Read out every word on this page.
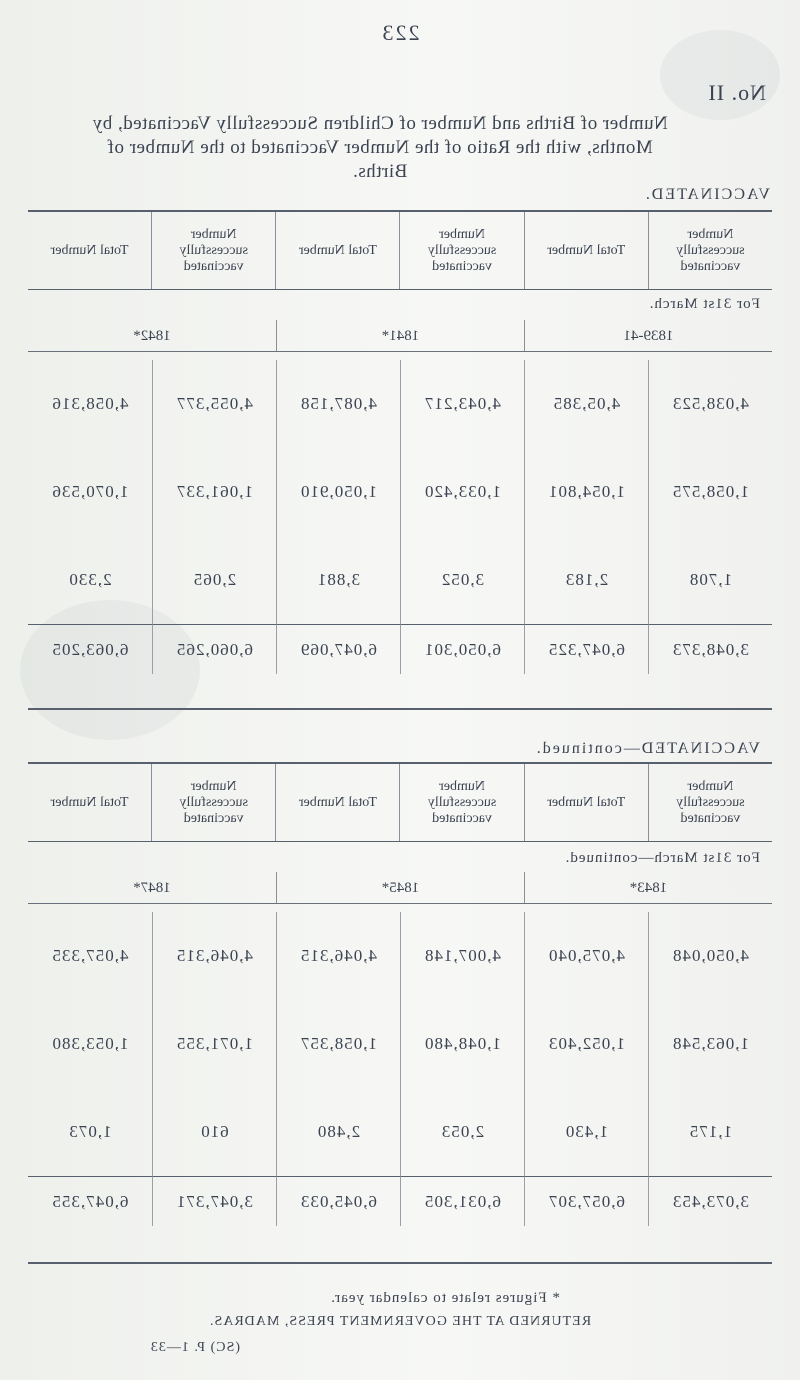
223
No. II
Number of Births and Number of Children Successfully Vaccinated, by Months, with the Ratio of the Number Vaccinated to the Number of Births.
VACCINATED.
Number successfully vaccinated
Total Number
Number successfully vaccinated
Total Number
Number successfully vaccinated
Total Number
For 31st March.
1839-41
1841*
1842*
4,038,523
4,05,385
4,043,217
4,087,158
4,055,377
4,058,316
1,058,575
1,054,801
1,033,420
1,050,910
1,061,337
1,070,536
1,708
2,183
3,052
3,881
2,065
2,330
3,048,373
6,047,325
6,050,301
6,047,069
6,060,265
6,063,205
VACCINATED—continued.
Number successfully vaccinated
Total Number
Number successfully vaccinated
Total Number
Number successfully vaccinated
Total Number
For 31st March—continued.
1843*
1845*
1847*
4,050,048
4,075,040
4,007,148
4,046,315
4,046,315
4,057,335
1,063,548
1,052,403
1,048,480
1,058,357
1,071,355
1,053,380
1,175
1,430
2,053
2,480
610
1,073
3,073,453
6,057,307
6,031,305
6,045,033
3,047,371
6,047,355
* Figures relate to calendar year.
RETURNED AT THE GOVERNMENT PRESS, MADRAS.
(SC) P. 1—33
